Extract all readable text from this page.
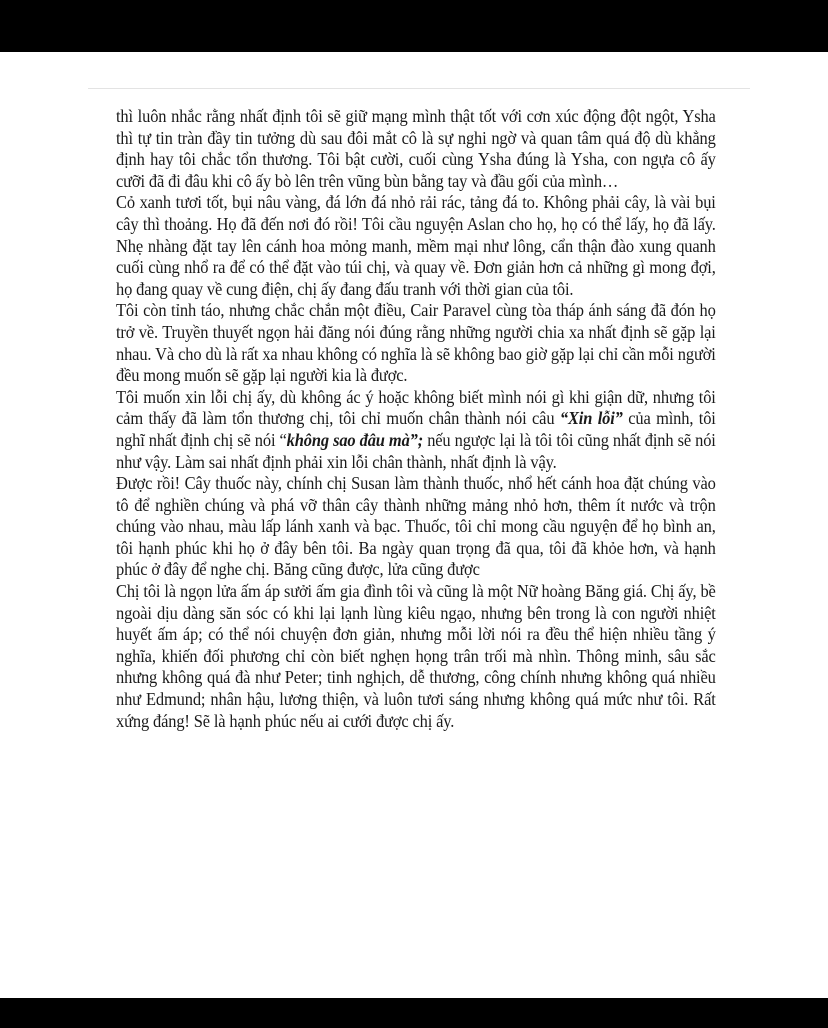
thì luôn nhắc rằng nhất định tôi sẽ giữ mạng mình thật tốt với cơn xúc động đột ngột, Ysha thì tự tin tràn đầy tin tưởng dù sau đôi mắt cô là sự nghi ngờ và quan tâm quá độ dù khẳng định hay tôi chắc tổn thương. Tôi bật cười, cuối cùng Ysha đúng là Ysha, con ngựa cô ấy cưỡi đã đi đâu khi cô ấy bò lên trên vũng bùn bằng tay và đầu gối của mình…

Cỏ xanh tươi tốt, bụi nâu vàng, đá lớn đá nhỏ rải rác, tảng đá to. Không phải cây, là vài bụi cây thì thoảng. Họ đã đến nơi đó rồi! Tôi cầu nguyện Aslan cho họ, họ có thể lấy, họ đã lấy. Nhẹ nhàng đặt tay lên cánh hoa mỏng manh, mềm mại như lông, cẩn thận đào xung quanh cuối cùng nhổ ra để có thể đặt vào túi chị, và quay về. Đơn giản hơn cả những gì mong đợi, họ đang quay về cung điện, chị ấy đang đấu tranh với thời gian của tôi.

Tôi còn tỉnh táo, nhưng chắc chắn một điều, Cair Paravel cùng tòa tháp ánh sáng đã đón họ trở về. Truyền thuyết ngọn hải đăng nói đúng rằng những người chia xa nhất định sẽ gặp lại nhau. Và cho dù là rất xa nhau không có nghĩa là sẽ không bao giờ gặp lại chỉ cần mỗi người đều mong muốn sẽ gặp lại người kia là được.

Tôi muốn xin lỗi chị ấy, dù không ác ý hoặc không biết mình nói gì khi giận dữ, nhưng tôi cảm thấy đã làm tổn thương chị, tôi chỉ muốn chân thành nói câu “Xin lỗi” của mình, tôi nghĩ nhất định chị sẽ nói “không sao đâu mà”; nếu ngược lại là tôi tôi cũng nhất định sẽ nói như vậy. Làm sai nhất định phải xin lỗi chân thành, nhất định là vậy.

Được rồi! Cây thuốc này, chính chị Susan làm thành thuốc, nhổ hết cánh hoa đặt chúng vào tô để nghiền chúng và phá vỡ thân cây thành những mảng nhỏ hơn, thêm ít nước và trộn chúng vào nhau, màu lấp lánh xanh và bạc. Thuốc, tôi chỉ mong cầu nguyện để họ bình an, tôi hạnh phúc khi họ ở đây bên tôi. Ba ngày quan trọng đã qua, tôi đã khỏe hơn, và hạnh phúc ở đây để nghe chị. Băng cũng được, lửa cũng được

Chị tôi là ngọn lửa ấm áp sưởi ấm gia đình tôi và cũng là một Nữ hoàng Băng giá. Chị ấy, bề ngoài dịu dàng săn sóc có khi lại lạnh lùng kiêu ngạo, nhưng bên trong là con người nhiệt huyết ấm áp; có thể nói chuyện đơn giản, nhưng mỗi lời nói ra đều thể hiện nhiều tầng ý nghĩa, khiến đối phương chỉ còn biết nghẹn họng trân trối mà nhìn. Thông minh, sâu sắc nhưng không quá đà như Peter; tinh nghịch, dễ thương, công chính nhưng không quá nhiều như Edmund; nhân hậu, lương thiện, và luôn tươi sáng nhưng không quá mức như tôi. Rất xứng đáng! Sẽ là hạnh phúc nếu ai cưới được chị ấy.
